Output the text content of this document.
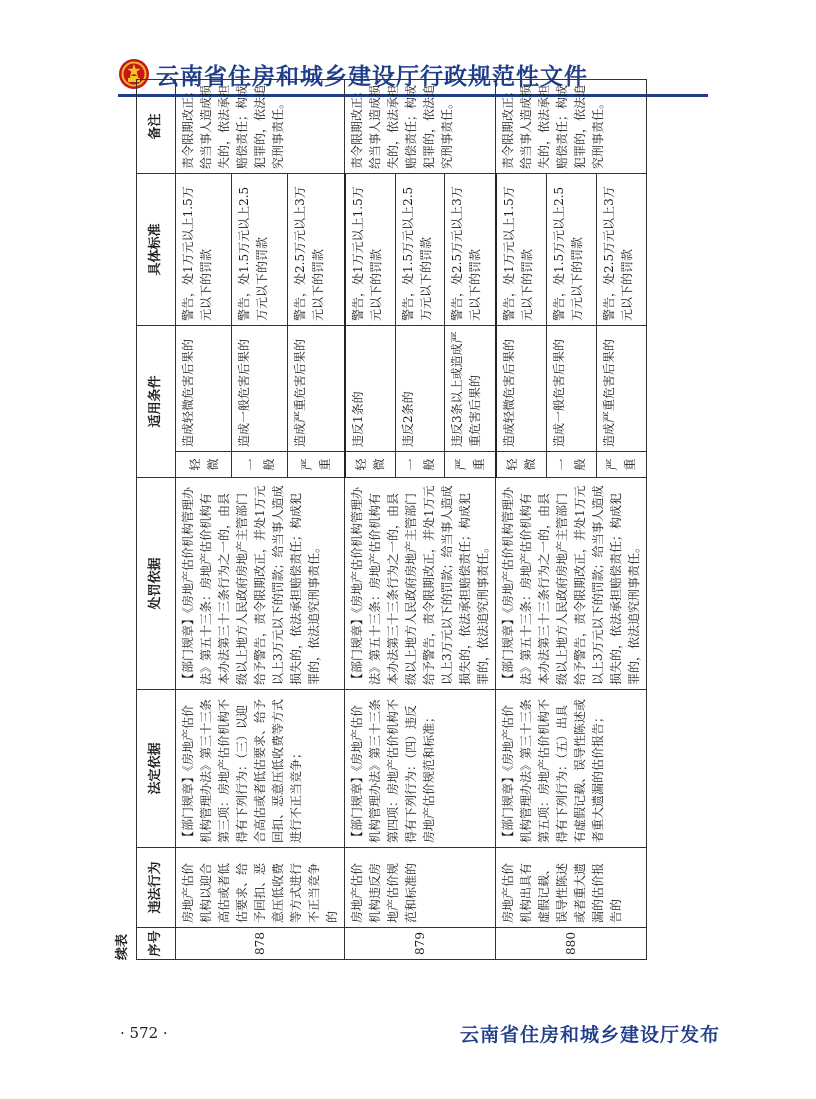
云南省住房和城乡建设厅行政规范性文件
续表	序号	违法行为	法定依据	处罚依据	适用条件		具体标准	备注
878	房地产估价机构以迎合高估或者低估要求、给予回扣、恶意压低收费等方式进行不正当竞争的	【部门规章】《房地产估价机构管理办法》第三十三条第三项：房地产估价机构不得有下列行为：（三）以迎合高估或者低估要求、给予回扣、恶意压低收费等方式进行不正当竞争；	【部门规章】《房地产估价机构管理办法》第五十三条：房地产估价机构有本办法第三十三条行为之一的，由县级以上地方人民政府房地产主管部门给予警告，责令限期改正，并处1万元以上3万元以下的罚款；给当事人造成损失的，依法承担赔偿责任；构成犯罪的，依法追究刑事责任。	轻微	造成轻微危害后果的	警告，处1万元以上1.5万元以下的罚款	责令限期改正；给当事人造成损失的，依法承担赔偿责任；构成犯罪的，依法追究刑事责任。
				一般	造成一般危害后果的	警告，处1.5万元以上2.5万元以下的罚款	
				严重	造成严重危害后果的	警告，处2.5万元以上3万元以下的罚款	
879	房地产估价机构违反房地产估价规范和标准的	【部门规章】《房地产估价机构管理办法》第三十三条第四项：房地产估价机构不得有下列行为：（四）违反房地产估价规范和标准；	【部门规章】《房地产估价机构管理办法》第五十三条：房地产估价机构有本办法第三十三条行为之一的，由县级以上地方人民政府房地产主管部门给予警告，责令限期改正，并处1万元以上3万元以下的罚款；给当事人造成损失的，依法承担赔偿责任；构成犯罪的，依法追究刑事责任。	轻微	违反1条的	警告，处1万元以上1.5万元以下的罚款	责令限期改正；给当事人造成损失的，依法承担赔偿责任；构成犯罪的，依法追究刑事责任。
				一般	违反2条的	警告，处1.5万元以上2.5万元以下的罚款	
				严重	违反3条以上或造成严重危害后果的	警告，处2.5万元以上3万元以下的罚款	
880	房地产估价机构出具有虚假记载、误导性陈述或者重大遗漏的估价报告的	【部门规章】《房地产估价机构管理办法》第三十三条第五项：房地产估价机构不得有下列行为：（五）出具有虚假记载、误导性陈述或者重大遗漏的估价报告；	【部门规章】《房地产估价机构管理办法》第五十三条：房地产估价机构有本办法第三十三条行为之一的，由县级以上地方人民政府房地产主管部门给予警告，责令限期改正，并处1万元以上3万元以下的罚款；给当事人造成损失的，依法承担赔偿责任；构成犯罪的，依法追究刑事责任。	轻微	造成轻微危害后果的	警告，处1万元以上1.5万元以下的罚款	责令限期改正；给当事人造成损失的，依法承担赔偿责任；构成犯罪的，依法追究刑事责任。
				一般	造成一般危害后果的	警告，处1.5万元以上2.5万元以下的罚款	
				严重	造成严重危害后果的	警告，处2.5万元以上3万元以下的罚款	
· 572 ·	云南省住房和城乡建设厅发布
